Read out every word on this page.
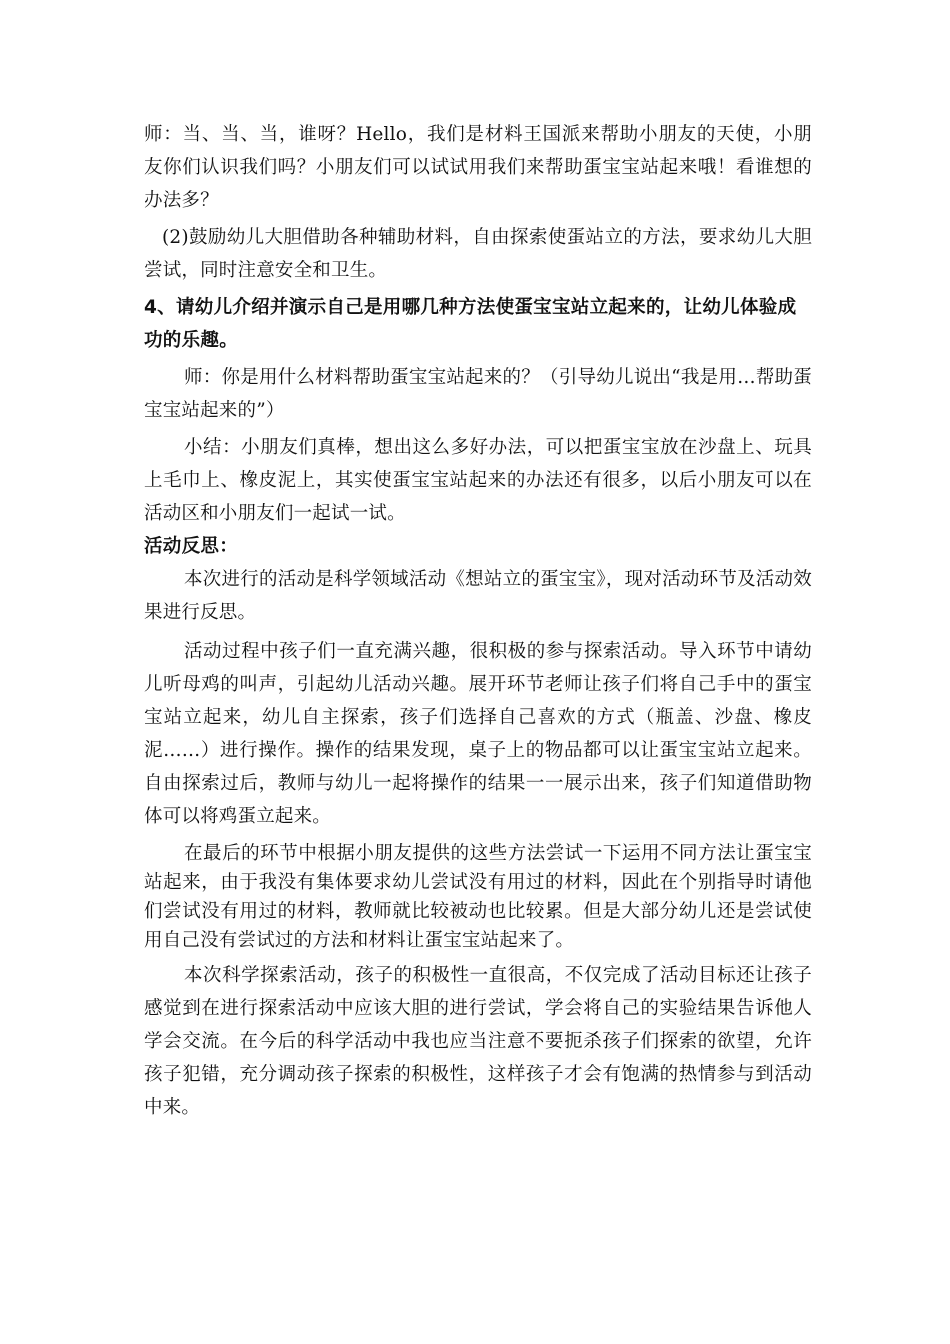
师：当、当、当，谁呀？Hello，我们是材料王国派来帮助小朋友的天使，小朋友你们认识我们吗？小朋友们可以试试用我们来帮助蛋宝宝站起来哦！看谁想的办法多？

(2)鼓励幼儿大胆借助各种辅助材料，自由探索使蛋站立的方法，要求幼儿大胆尝试，同时注意安全和卫生。

4、请幼儿介绍并演示自己是用哪几种方法使蛋宝宝站立起来的，让幼儿体验成功的乐趣。

师：你是用什么材料帮助蛋宝宝站起来的？（引导幼儿说出“我是用…帮助蛋宝宝站起来的”）

小结：小朋友们真棒，想出这么多好办法，可以把蛋宝宝放在沙盘上、玩具上毛巾上、橡皮泥上，其实使蛋宝宝站起来的办法还有很多，以后小朋友可以在活动区和小朋友们一起试一试。

活动反思：

本次进行的活动是科学领域活动《想站立的蛋宝宝》，现对活动环节及活动效果进行反思。

活动过程中孩子们一直充满兴趣，很积极的参与探索活动。导入环节中请幼儿听母鸡的叫声，引起幼儿活动兴趣。展开环节老师让孩子们将自己手中的蛋宝宝站立起来，幼儿自主探索，孩子们选择自己喜欢的方式（瓶盖、沙盘、橡皮泥……）进行操作。操作的结果发现，桌子上的物品都可以让蛋宝宝站立起来。自由探索过后，教师与幼儿一起将操作的结果一一展示出来，孩子们知道借助物体可以将鸡蛋立起来。

在最后的环节中根据小朋友提供的这些方法尝试一下运用不同方法让蛋宝宝站起来，由于我没有集体要求幼儿尝试没有用过的材料，因此在个别指导时请他们尝试没有用过的材料，教师就比较被动也比较累。但是大部分幼儿还是尝试使用自己没有尝试过的方法和材料让蛋宝宝站起来了。

本次科学探索活动，孩子的积极性一直很高，不仅完成了活动目标还让孩子感觉到在进行探索活动中应该大胆的进行尝试，学会将自己的实验结果告诉他人学会交流。在今后的科学活动中我也应当注意不要扼杀孩子们探索的欲望，允许孩子犯错，充分调动孩子探索的积极性，这样孩子才会有饱满的热情参与到活动中来。
